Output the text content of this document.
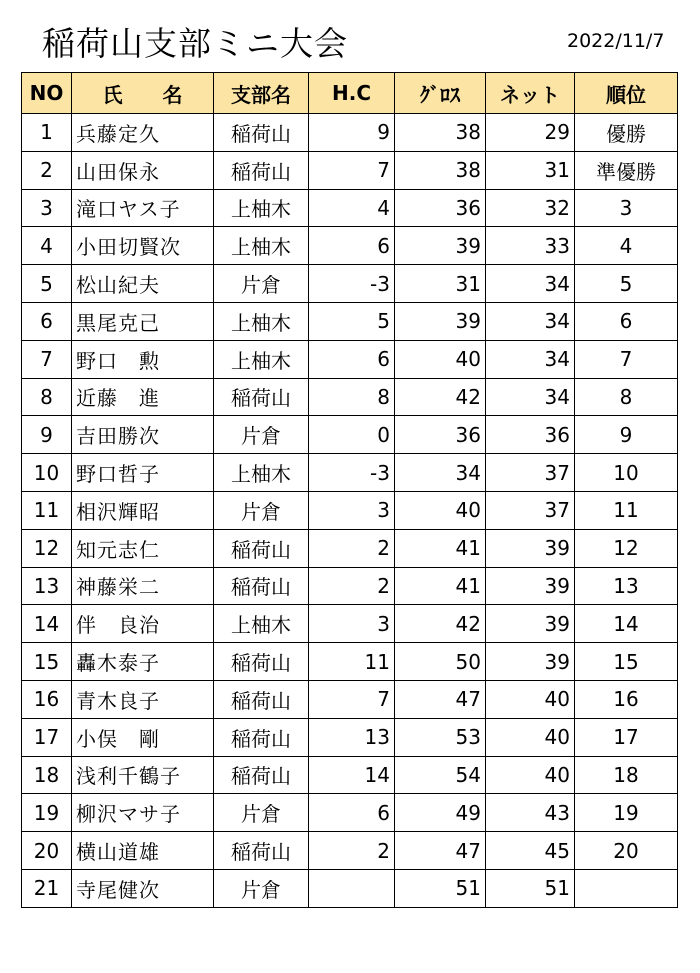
稲荷山支部ミニ大会	2022/11/7
NO	氏　　名	支部名	H.C	ｸﾞﾛｽ	ネット	順位
1	兵藤定久	稲荷山	9	38	29	優勝
2	山田保永	稲荷山	7	38	31	準優勝
3	滝口ヤス子	上柚木	4	36	32	3
4	小田切賢次	上柚木	6	39	33	4
5	松山紀夫	片倉	-3	31	34	5
6	黒尾克己	上柚木	5	39	34	6
7	野口　勲	上柚木	6	40	34	7
8	近藤　進	稲荷山	8	42	34	8
9	吉田勝次	片倉	0	36	36	9
10	野口哲子	上柚木	-3	34	37	10
11	相沢輝昭	片倉	3	40	37	11
12	知元志仁	稲荷山	2	41	39	12
13	神藤栄二	稲荷山	2	41	39	13
14	伴　良治	上柚木	3	42	39	14
15	轟木泰子	稲荷山	11	50	39	15
16	青木良子	稲荷山	7	47	40	16
17	小俣　剛	稲荷山	13	53	40	17
18	浅利千鶴子	稲荷山	14	54	40	18
19	柳沢マサ子	片倉	6	49	43	19
20	横山道雄	稲荷山	2	47	45	20
21	寺尾健次	片倉		51	51	
